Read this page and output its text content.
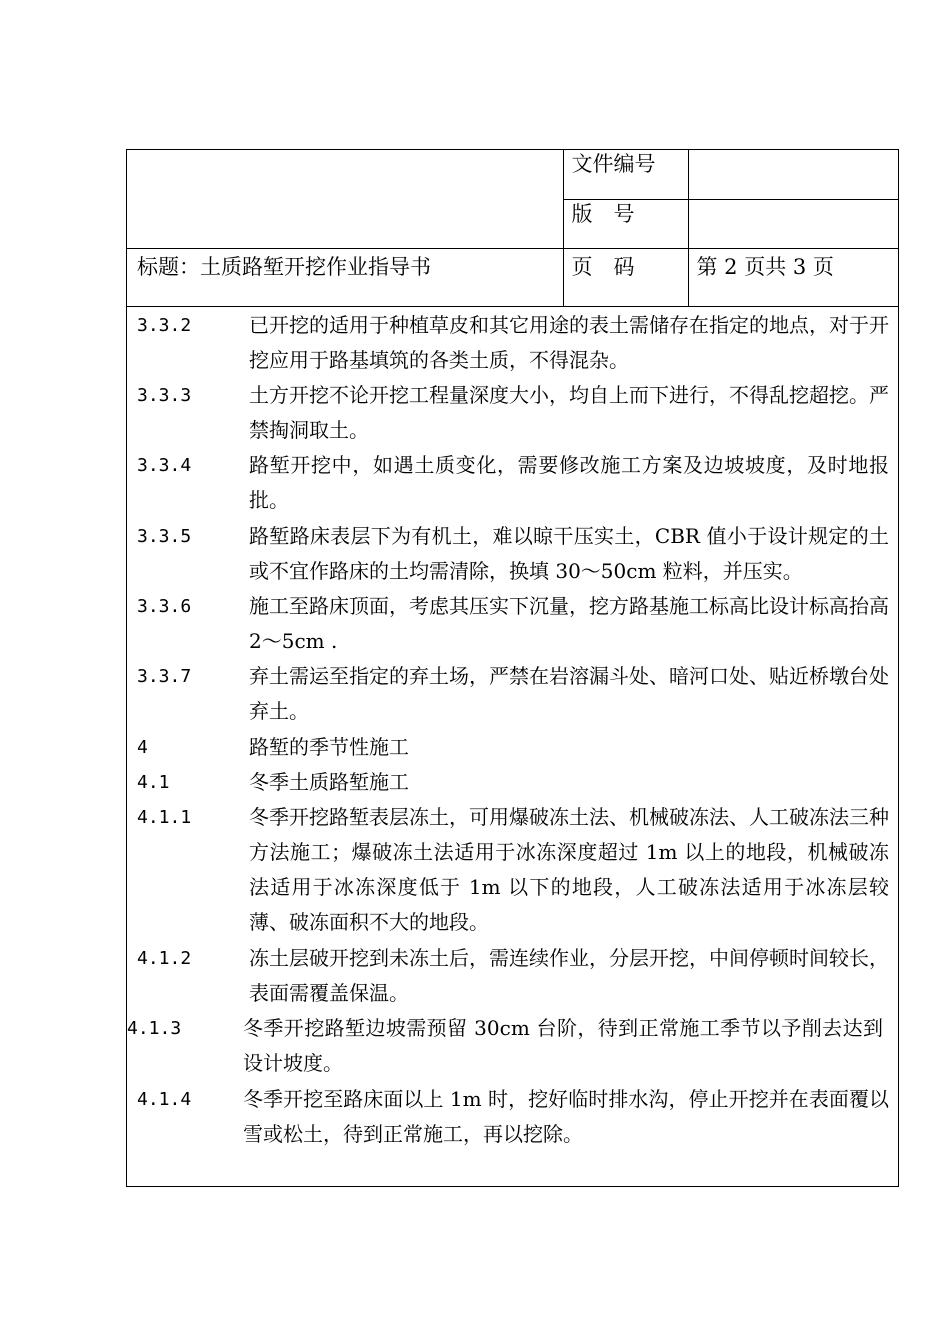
	文件编号	
	版　号	
标题：土质路堑开挖作业指导书	页　码	第 2 页共 3 页
3.3.2	已开挖的适用于种植草皮和其它用途的表土需储存在指定的地点，对于开挖应用于路基填筑的各类土质，不得混杂。
3.3.3	土方开挖不论开挖工程量深度大小，均自上而下进行，不得乱挖超挖。严禁掏洞取土。
3.3.4	路堑开挖中，如遇土质变化，需要修改施工方案及边坡坡度，及时地报批。
3.3.5	路堑路床表层下为有机土，难以晾干压实土，CBR 值小于设计规定的土或不宜作路床的土均需清除，换填 30～50cm 粒料，并压实。
3.3.6	施工至路床顶面，考虑其压实下沉量，挖方路基施工标高比设计标高抬高 2～5cm .
3.3.7	弃土需运至指定的弃土场，严禁在岩溶漏斗处、暗河口处、贴近桥墩台处弃土。
4	路堑的季节性施工
4.1	冬季土质路堑施工
4.1.1	冬季开挖路堑表层冻土，可用爆破冻土法、机械破冻法、人工破冻法三种方法施工；爆破冻土法适用于冰冻深度超过 1m 以上的地段，机械破冻法适用于冰冻深度低于 1m 以下的地段，人工破冻法适用于冰冻层较薄、破冻面积不大的地段。
4.1.2	冻土层破开挖到未冻土后，需连续作业，分层开挖，中间停顿时间较长，表面需覆盖保温。
4.1.3	冬季开挖路堑边坡需预留 30cm 台阶，待到正常施工季节以予削去达到设计坡度。
4.1.4	冬季开挖至路床面以上 1m 时，挖好临时排水沟，停止开挖并在表面覆以雪或松土，待到正常施工，再以挖除。
